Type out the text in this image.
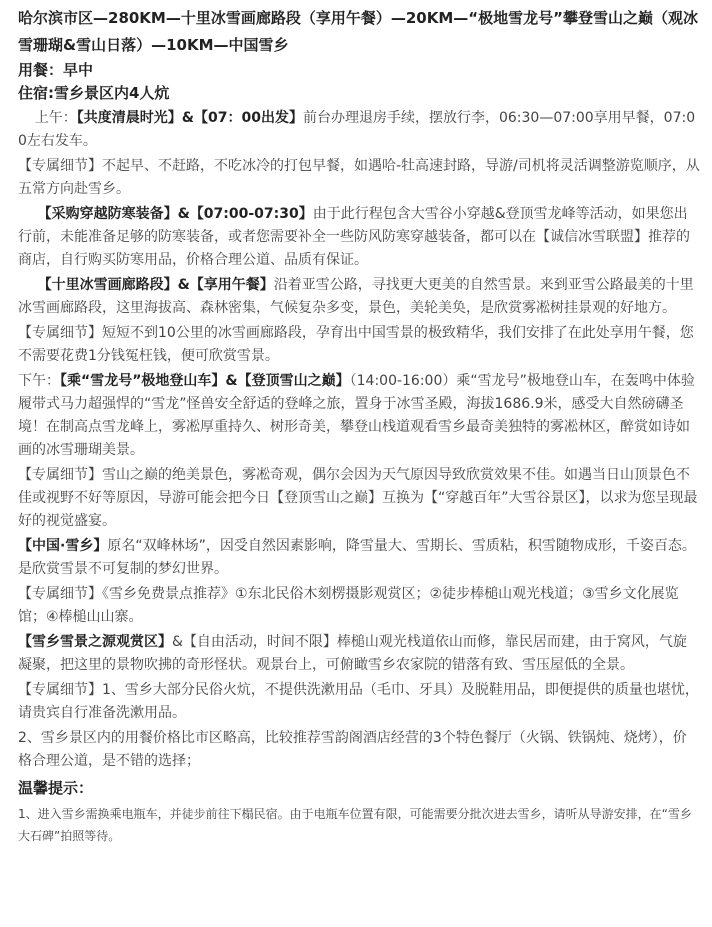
哈尔滨市区—280KM—十里冰雪画廊路段（享用午餐）—20KM—“极地雪龙号”攀登雪山之巅（观冰雪珊瑚&雪山日落）—10KM—中国雪乡

用餐：早中

住宿:雪乡景区内4人炕

上午：【共度清晨时光】&【07：00出发】前台办理退房手续，摆放行李，06:30—07:00享用早餐，07:00左右发车。

【专属细节】不起早、不赶路，不吃冰冷的打包早餐，如遇哈-牡高速封路，导游/司机将灵活调整游览顺序，从五常方向赴雪乡。

【采购穿越防寒装备】&【07:00-07:30】由于此行程包含大雪谷小穿越&登顶雪龙峰等活动，如果您出行前，未能准备足够的防寒装备，或者您需要补全一些防风防寒穿越装备，都可以在【诚信冰雪联盟】推荐的商店，自行购买防寒用品，价格合理公道、品质有保证。

【十里冰雪画廊路段】&【享用午餐】沿着亚雪公路，寻找更大更美的自然雪景。来到亚雪公路最美的十里冰雪画廊路段，这里海拔高、森林密集，气候复杂多变，景色，美轮美奂，是欣赏雾凇树挂景观的好地方。

【专属细节】短短不到10公里的冰雪画廊路段，孕育出中国雪景的极致精华，我们安排了在此处享用午餐，您不需要花费1分钱冤枉钱，便可欣赏雪景。

下午：【乘“雪龙号”极地登山车】&【登顶雪山之巅】（14:00-16:00）乘“雪龙号”极地登山车，在轰鸣中体验履带式马力超强悍的“雪龙”怪兽安全舒适的登峰之旅，置身于冰雪圣殿，海拔1686.9米，感受大自然磅礴圣境！在制高点雪龙峰上，雾凇厚重持久、树形奇美，攀登山栈道观看雪乡最奇美独特的雾凇林区，醉赏如诗如画的冰雪珊瑚美景。

【专属细节】雪山之巅的绝美景色，雾凇奇观，偶尔会因为天气原因导致欣赏效果不佳。如遇当日山顶景色不佳或视野不好等原因，导游可能会把今日【登顶雪山之巅】互换为【“穿越百年”大雪谷景区】，以求为您呈现最好的视觉盛宴。

【中国·雪乡】原名“双峰林场”，因受自然因素影响，降雪量大、雪期长、雪质粘，积雪随物成形，千姿百态。是欣赏雪景不可复制的梦幻世界。

【专属细节】《雪乡免费景点推荐》①东北民俗木刻楞摄影观赏区；②徒步棒槌山观光栈道；③雪乡文化展览馆；④棒槌山山寨。

【雪乡雪景之源观赏区】&【自由活动，时间不限】棒槌山观光栈道依山而修，靠民居而建，由于窝风，气旋凝聚，把这里的景物吹拂的奇形怪状。观景台上，可俯瞰雪乡农家院的错落有致、雪压屋低的全景。

【专属细节】1、雪乡大部分民俗火炕，不提供洗漱用品（毛巾、牙具）及脱鞋用品，即便提供的质量也堪忧，请贵宾自行准备洗漱用品。

2、雪乡景区内的用餐价格比市区略高，比较推荐雪韵阁酒店经营的3个特色餐厅（火锅、铁锅炖、烧烤），价格合理公道，是不错的选择；

温馨提示：

1、进入雪乡需换乘电瓶车，并徒步前往下榻民宿。由于电瓶车位置有限，可能需要分批次进去雪乡，请听从导游安排，在“雪乡大石碑”拍照等待。
